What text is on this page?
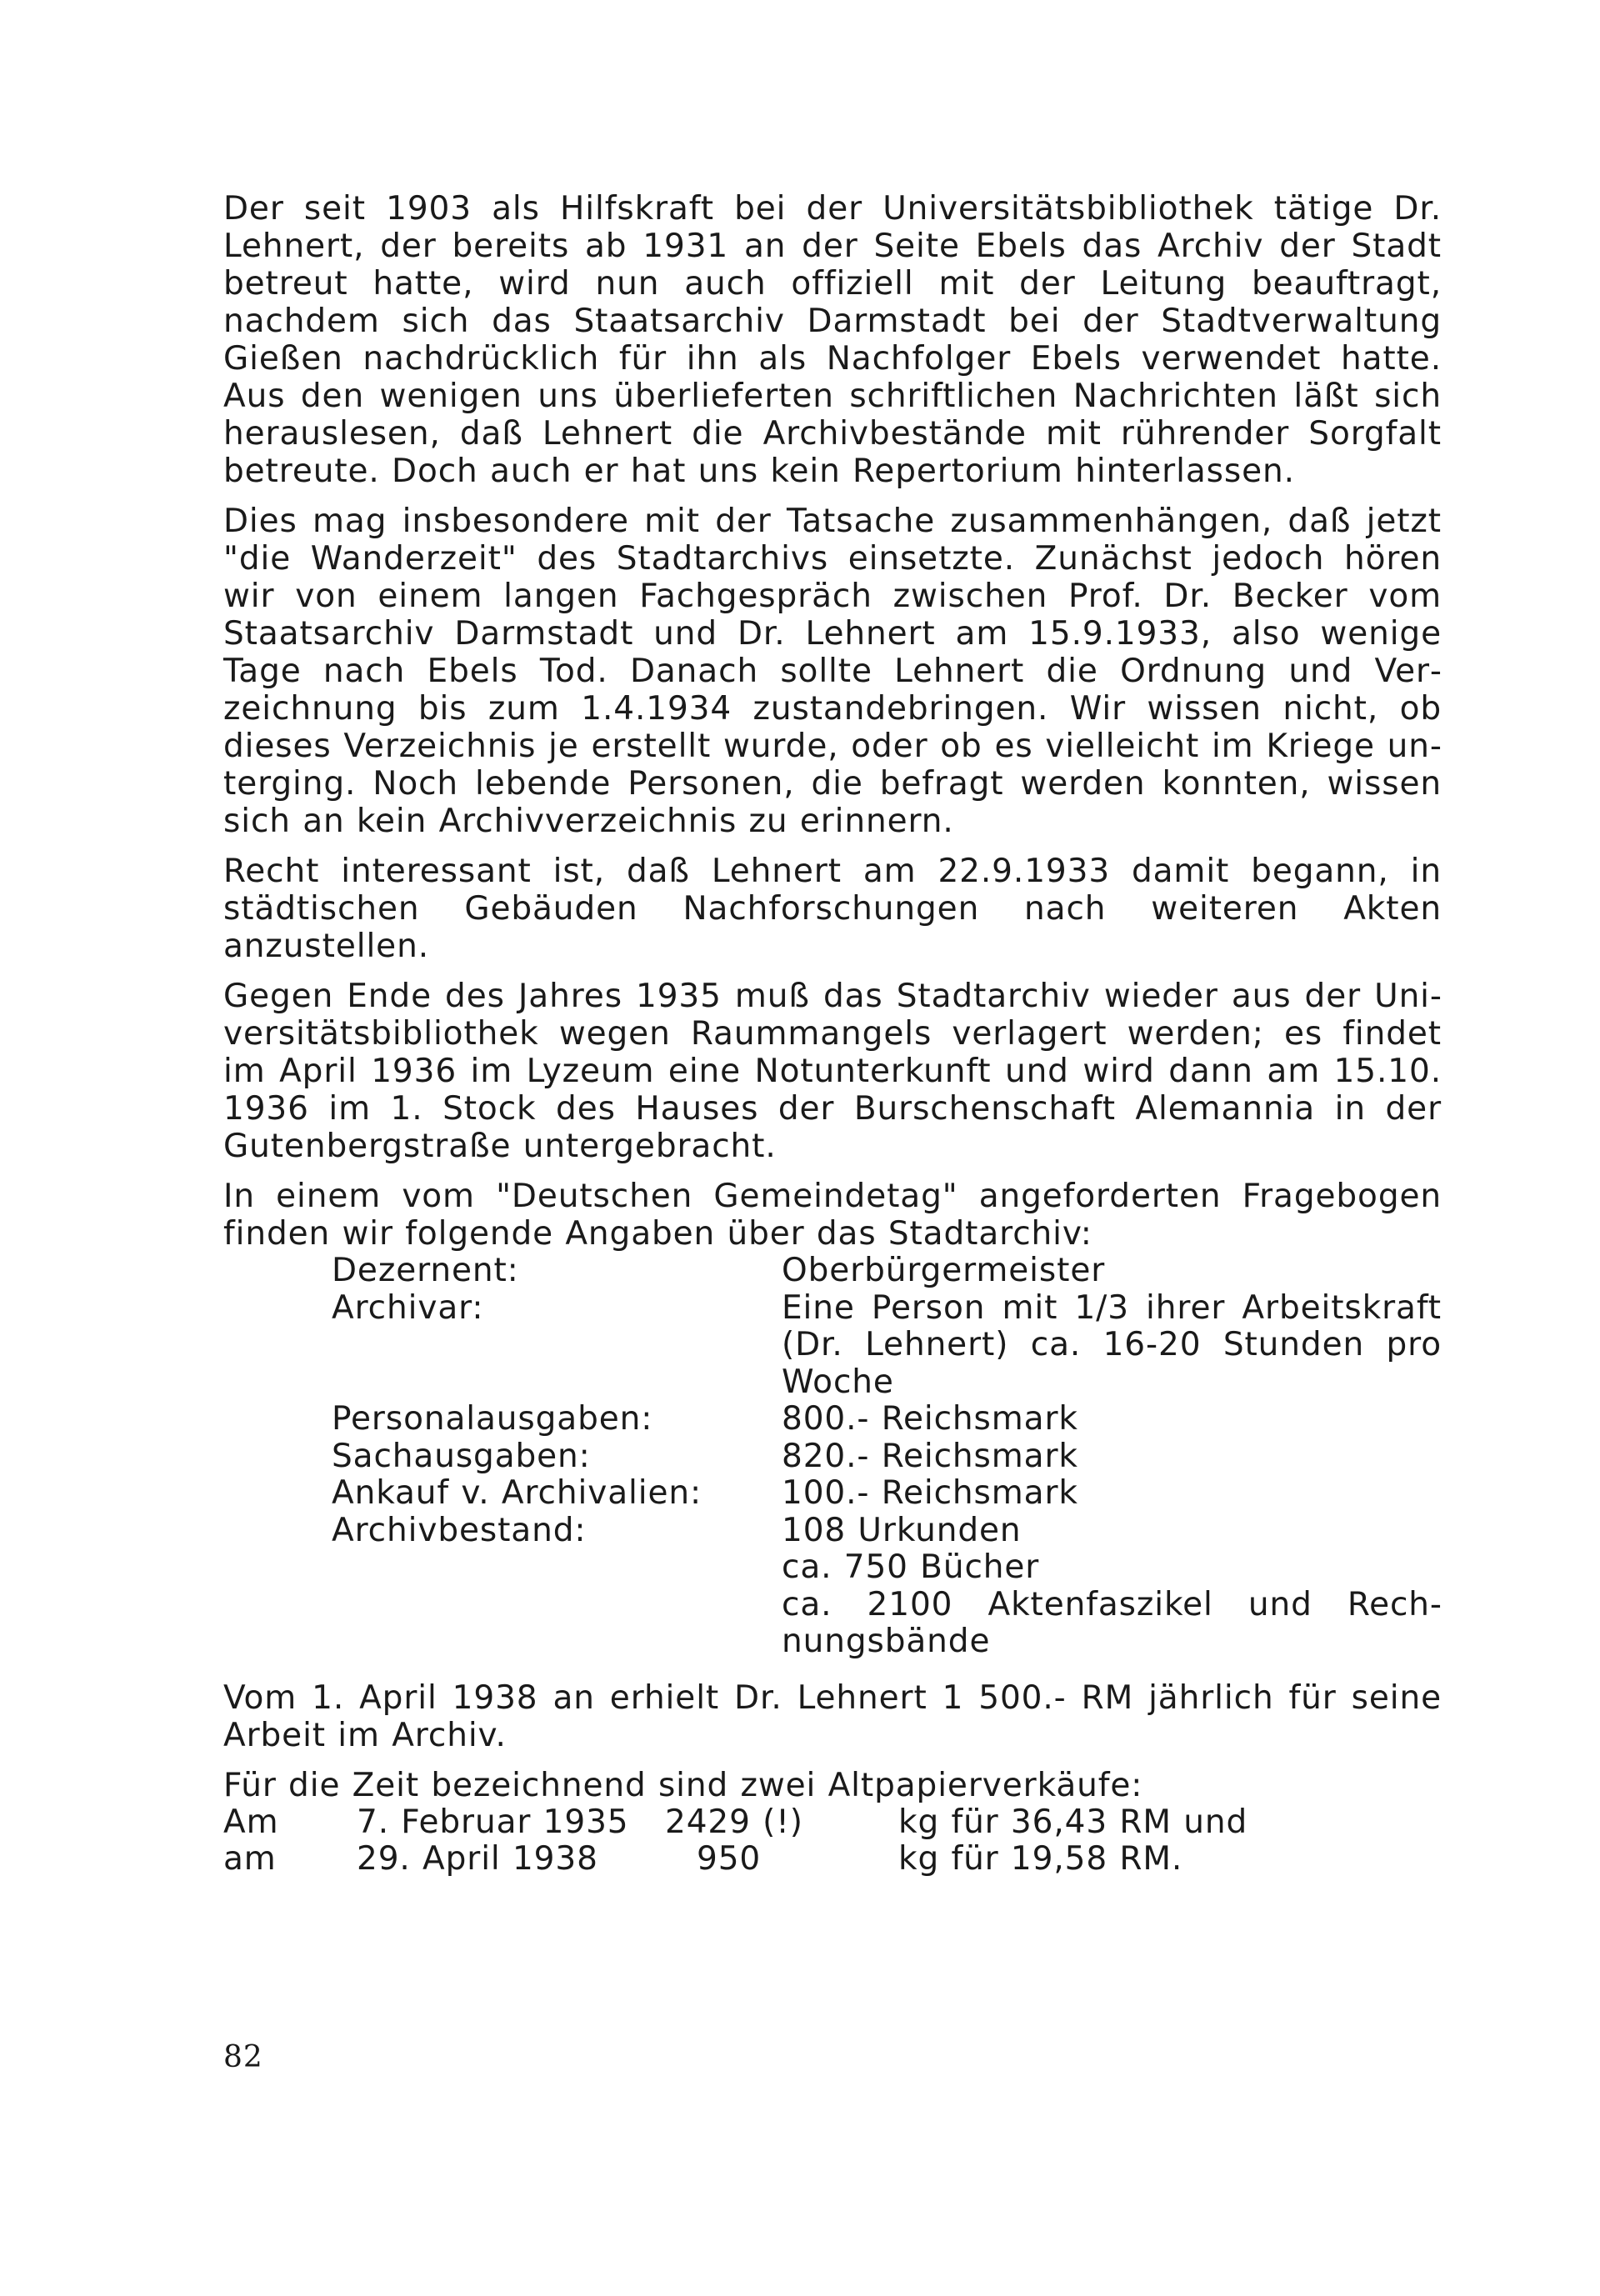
Der seit 1903 als Hilfskraft bei der Universitätsbibliothek tätige Dr. Lehnert, der bereits ab 1931 an der Seite Ebels das Archiv der Stadt betreut hatte, wird nun auch offiziell mit der Leitung beauftragt, nachdem sich das Staatsarchiv Darmstadt bei der Stadtverwaltung Gießen nachdrücklich für ihn als Nachfolger Ebels verwendet hatte. Aus den wenigen uns überlieferten schriftlichen Nachrichten läßt sich herauslesen, daß Lehnert die Archivbestände mit rührender Sorgfalt betreute. Doch auch er hat uns kein Repertorium hinterlassen.

Dies mag insbesondere mit der Tatsache zusammenhängen, daß jetzt "die Wanderzeit" des Stadtarchivs einsetzte. Zunächst jedoch hören wir von einem langen Fachgespräch zwischen Prof. Dr. Becker vom Staatsarchiv Darmstadt und Dr. Lehnert am 15.9.1933, also wenige Tage nach Ebels Tod. Danach sollte Lehnert die Ordnung und Verzeichnung bis zum 1.4.1934 zustandebringen. Wir wissen nicht, ob dieses Verzeichnis je erstellt wurde, oder ob es vielleicht im Kriege unterging. Noch lebende Personen, die befragt werden konnten, wissen sich an kein Archivverzeichnis zu erinnern.

Recht interessant ist, daß Lehnert am 22.9.1933 damit begann, in städtischen Gebäuden Nachforschungen nach weiteren Akten anzustellen.

Gegen Ende des Jahres 1935 muß das Stadtarchiv wieder aus der Universitätsbibliothek wegen Raummangels verlagert werden; es findet im April 1936 im Lyzeum eine Notunterkunft und wird dann am 15.10. 1936 im 1. Stock des Hauses der Burschenschaft Alemannia in der Gutenbergstraße untergebracht.

In einem vom "Deutschen Gemeindetag" angeforderten Fragebogen finden wir folgende Angaben über das Stadtarchiv:

Dezernent:	Oberbürgermeister
Archivar:	Eine Person mit 1/3 ihrer Arbeitskraft (Dr. Lehnert) ca. 16-20 Stunden pro Woche
Personalausgaben:	800.- Reichsmark
Sachausgaben:	820.- Reichsmark
Ankauf v. Archivalien:	100.- Reichsmark
Archivbestand:	108 Urkunden
ca. 750 Bücher
ca. 2100 Aktenfaszikel und Rechnungsbände

Vom 1. April 1938 an erhielt Dr. Lehnert 1 500.- RM jährlich für seine Arbeit im Archiv.

Für die Zeit bezeichnend sind zwei Altpapierverkäufe:

Am	7. Februar 1935	2429 (!)	kg für 36,43 RM und
am	29. April 1938	950	kg für 19,58 RM.
82
